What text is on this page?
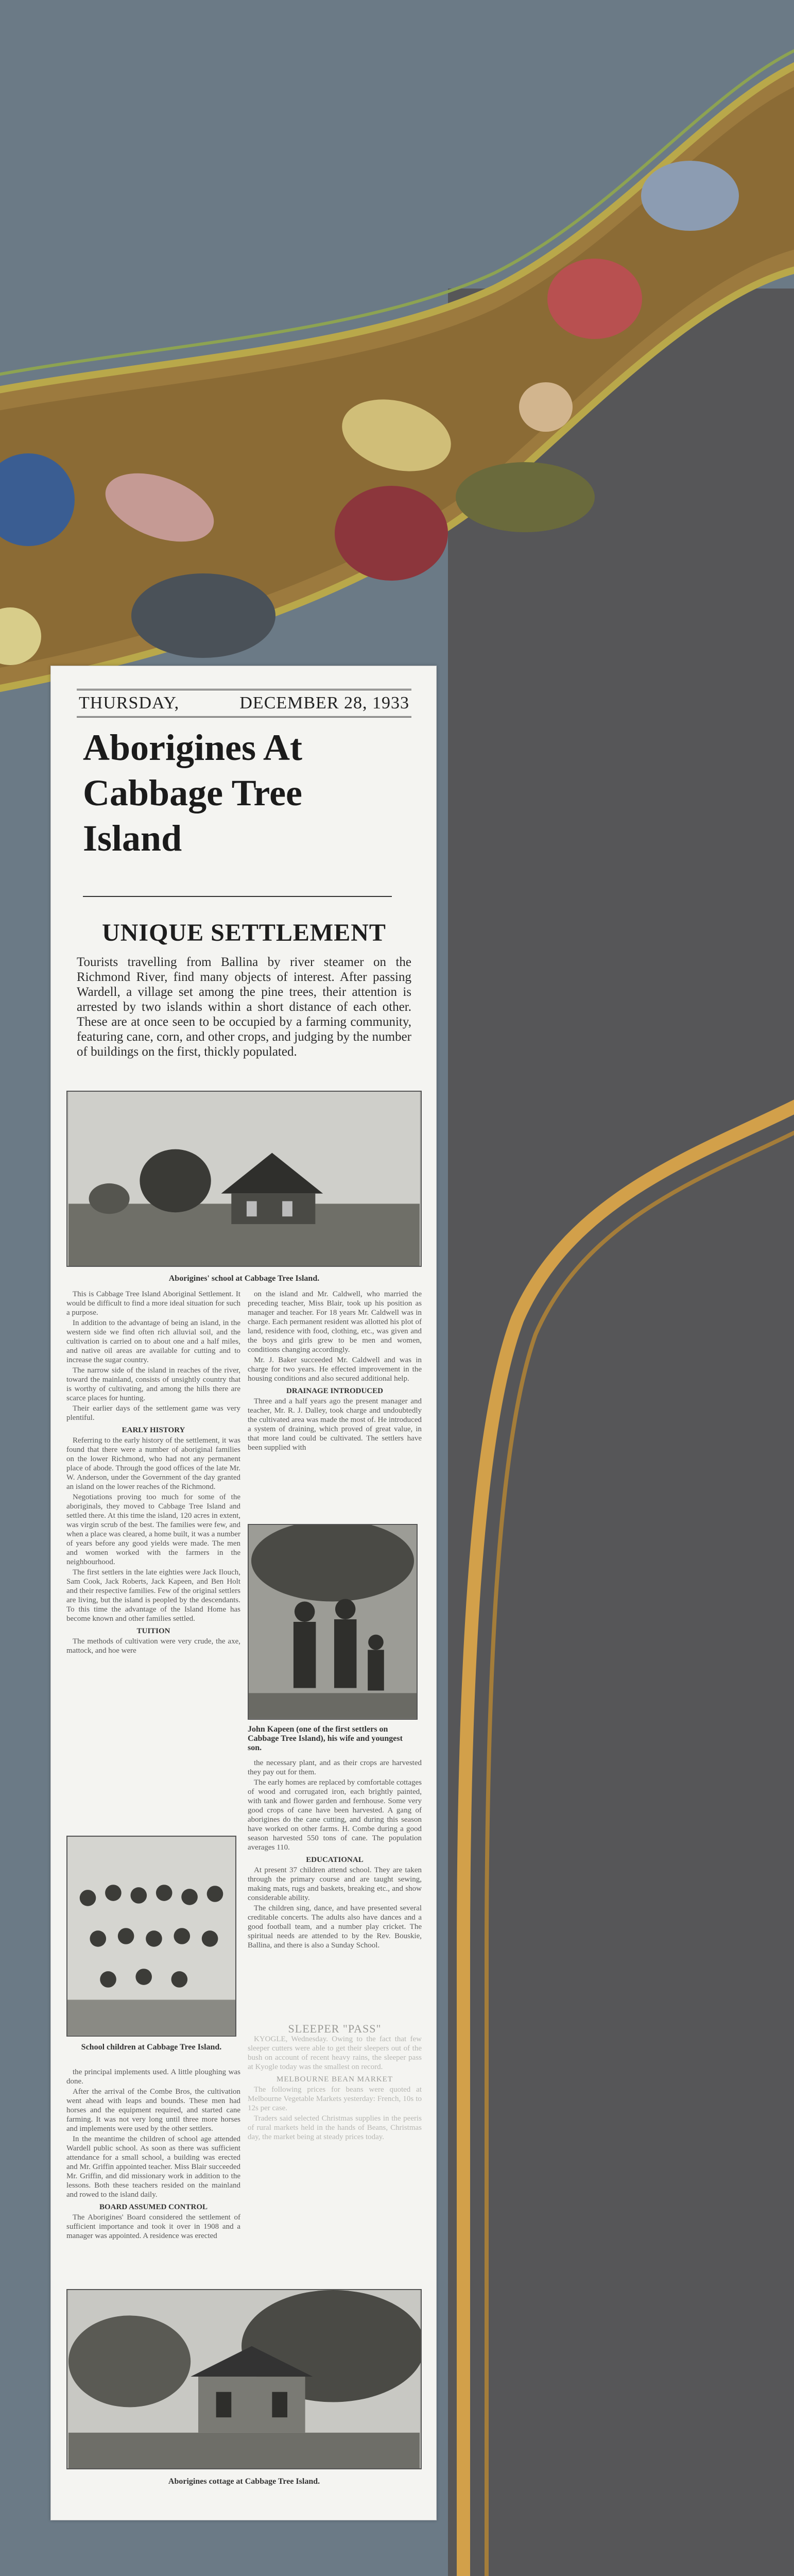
THURSDAY,	DECEMBER 28, 1933
Aborigines At Cabbage Tree Island
UNIQUE SETTLEMENT

Tourists travelling from Ballina by river steamer on the Richmond River, find many objects of interest. After passing Wardell, a village set among the pine trees, their attention is arrested by two islands within a short distance of each other. These are at once seen to be occupied by a farming community, featuring cane, corn, and other crops, and judging by the number of buildings on the first, thickly populated.

Aborigines' school at Cabbage Tree Island.

This is Cabbage Tree Island Aboriginal Settlement. It would be difficult to find a more ideal situation for such a purpose.

In addition to the advantage of being an island, in the western side we find often rich alluvial soil, and the cultivation is carried on to about one and a half miles, and native oil areas are available for cutting and to increase the sugar country.

The narrow side of the island in reaches of the river, toward the mainland, consists of unsightly country that is worthy of cultivating, and among the hills there are scarce places for hunting.

Their earlier days of the settlement game was very plentiful.

EARLY HISTORY

Referring to the early history of the settlement, it was found that there were a number of aboriginal families on the lower Richmond, who had not any permanent place of abode. Through the good offices of the late Mr. W. Anderson, under the Government of the day granted an island on the lower reaches of the Richmond.

Negotiations proving too much for some of the aboriginals, they moved to Cabbage Tree Island and settled there. At this time the island, 120 acres in extent, was virgin scrub of the best. The families were few, and when a place was cleared, a home built, it was a number of years before any good yields were made. The men and women worked with the farmers in the neighbourhood.

The first settlers in the late eighties were Jack Ilouch, Sam Cook, Jack Roberts, Jack Kapeen, and Ben Holt and their respective families. Few of the original settlers are living, but the island is peopled by the descendants. To this time the advantage of the Island Home has become known and other families settled.

TUITION

The methods of cultivation were very crude, the axe, mattock, and hoe were

School children at Cabbage Tree Island.

the principal implements used. A little ploughing was done.

After the arrival of the Combe Bros, the cultivation went ahead with leaps and bounds. These men had horses and the equipment required, and started cane farming. It was not very long until three more horses and implements were used by the other settlers.

In the meantime the children of school age attended Wardell public school. As soon as there was sufficient attendance for a small school, a building was erected and Mr. Griffin appointed teacher. Miss Blair succeeded Mr. Griffin, and did missionary work in addition to the lessons. Both these teachers resided on the mainland and rowed to the island daily.

BOARD ASSUMED CONTROL

The Aborigines' Board considered the settlement of sufficient importance and took it over in 1908 and a manager was appointed. A residence was erected

on the island and Mr. Caldwell, who married the preceding teacher, Miss Blair, took up his position as manager and teacher. For 18 years Mr. Caldwell was in charge. Each permanent resident was allotted his plot of land, residence with food, clothing, etc., was given and the boys and girls grew to be men and women, conditions changing accordingly.

Mr. J. Baker succeeded Mr. Caldwell and was in charge for two years. He effected improvement in the housing conditions and also secured additional help.

DRAINAGE INTRODUCED

Three and a half years ago the present manager and teacher, Mr. R. J. Dalley, took charge and undoubtedly the cultivated area was made the most of. He introduced a system of draining, which proved of great value, in that more land could be cultivated. The settlers have been supplied with

John Kapeen (one of the first settlers on Cabbage Tree Island), his wife and youngest son.

the necessary plant, and as their crops are harvested they pay out for them.

The early homes are replaced by comfortable cottages of wood and corrugated iron, each brightly painted, with tank and flower garden and fernhouse. Some very good crops of cane have been harvested. A gang of aborigines do the cane cutting, and during this season have worked on other farms. H. Combe during a good season harvested 550 tons of cane. The population averages 110.

EDUCATIONAL

At present 37 children attend school. They are taken through the primary course and are taught sewing, making mats, rugs and baskets, breaking etc., and show considerable ability.

The children sing, dance, and have presented several creditable concerts. The adults also have dances and a good football team, and a number play cricket. The spiritual needs are attended to by the Rev. Bouskie, Ballina, and there is also a Sunday School.

SLEEPER "PASS"

KYOGLE, Wednesday. Owing to the fact that few sleeper cutters were able to get their sleepers out of the bush on account of recent heavy rains, the sleeper pass at Kyogle today was the smallest on record.

MELBOURNE BEAN MARKET

The following prices for beans were quoted at Melbourne Vegetable Markets yesterday: French, 10s to 12s per case.

Traders said selected Christmas supplies in the peeris of rural markets held in the hands of Beans, Christmas day, the market being at steady prices today.

Aborigines cottage at Cabbage Tree Island.
